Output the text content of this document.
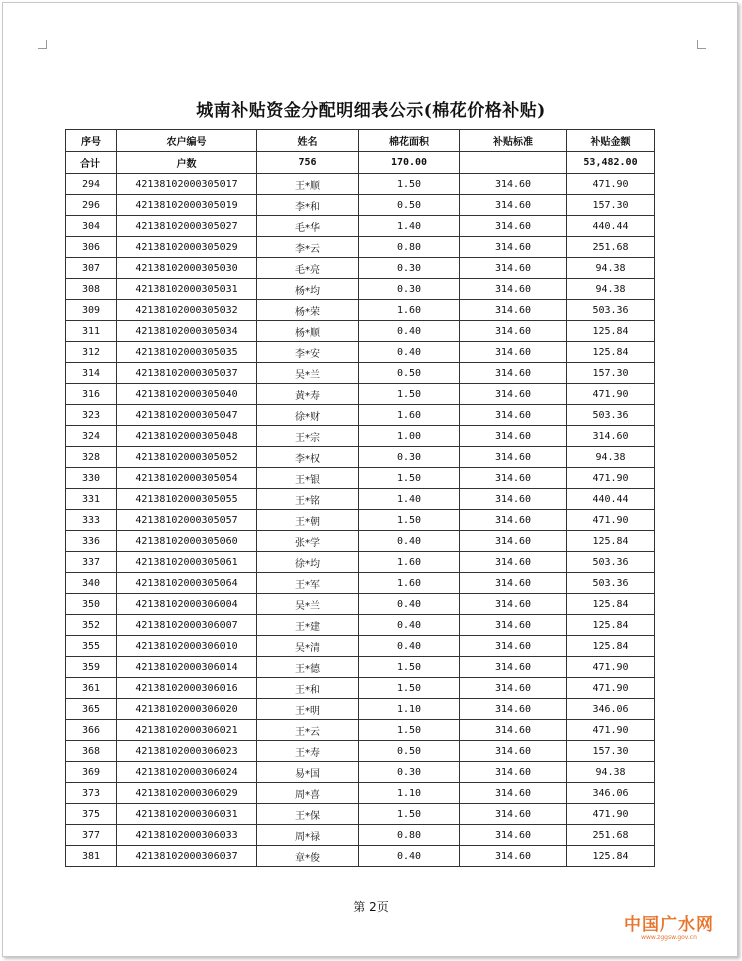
城南补贴资金分配明细表公示(棉花价格补贴)
序号	农户编号	姓名	棉花面积	补贴标准	补贴金额
合计	户数	756	170.00		53,482.00
294	42138102000305017	王*顺	1.50	314.60	471.90
296	42138102000305019	李*和	0.50	314.60	157.30
304	42138102000305027	毛*华	1.40	314.60	440.44
306	42138102000305029	李*云	0.80	314.60	251.68
307	42138102000305030	毛*亮	0.30	314.60	94.38
308	42138102000305031	杨*均	0.30	314.60	94.38
309	42138102000305032	杨*荣	1.60	314.60	503.36
311	42138102000305034	杨*顺	0.40	314.60	125.84
312	42138102000305035	李*安	0.40	314.60	125.84
314	42138102000305037	吴*兰	0.50	314.60	157.30
316	42138102000305040	黄*寿	1.50	314.60	471.90
323	42138102000305047	徐*财	1.60	314.60	503.36
324	42138102000305048	王*宗	1.00	314.60	314.60
328	42138102000305052	李*权	0.30	314.60	94.38
330	42138102000305054	王*银	1.50	314.60	471.90
331	42138102000305055	王*铭	1.40	314.60	440.44
333	42138102000305057	王*朝	1.50	314.60	471.90
336	42138102000305060	张*学	0.40	314.60	125.84
337	42138102000305061	徐*均	1.60	314.60	503.36
340	42138102000305064	王*军	1.60	314.60	503.36
350	42138102000306004	吴*兰	0.40	314.60	125.84
352	42138102000306007	王*建	0.40	314.60	125.84
355	42138102000306010	吴*清	0.40	314.60	125.84
359	42138102000306014	王*德	1.50	314.60	471.90
361	42138102000306016	王*和	1.50	314.60	471.90
365	42138102000306020	王*明	1.10	314.60	346.06
366	42138102000306021	王*云	1.50	314.60	471.90
368	42138102000306023	王*寿	0.50	314.60	157.30
369	42138102000306024	易*国	0.30	314.60	94.38
373	42138102000306029	周*喜	1.10	314.60	346.06
375	42138102000306031	王*保	1.50	314.60	471.90
377	42138102000306033	周*禄	0.80	314.60	251.68
381	42138102000306037	章*俊	0.40	314.60	125.84
第 2页
中国广水网
www.zggsw.gov.cn
